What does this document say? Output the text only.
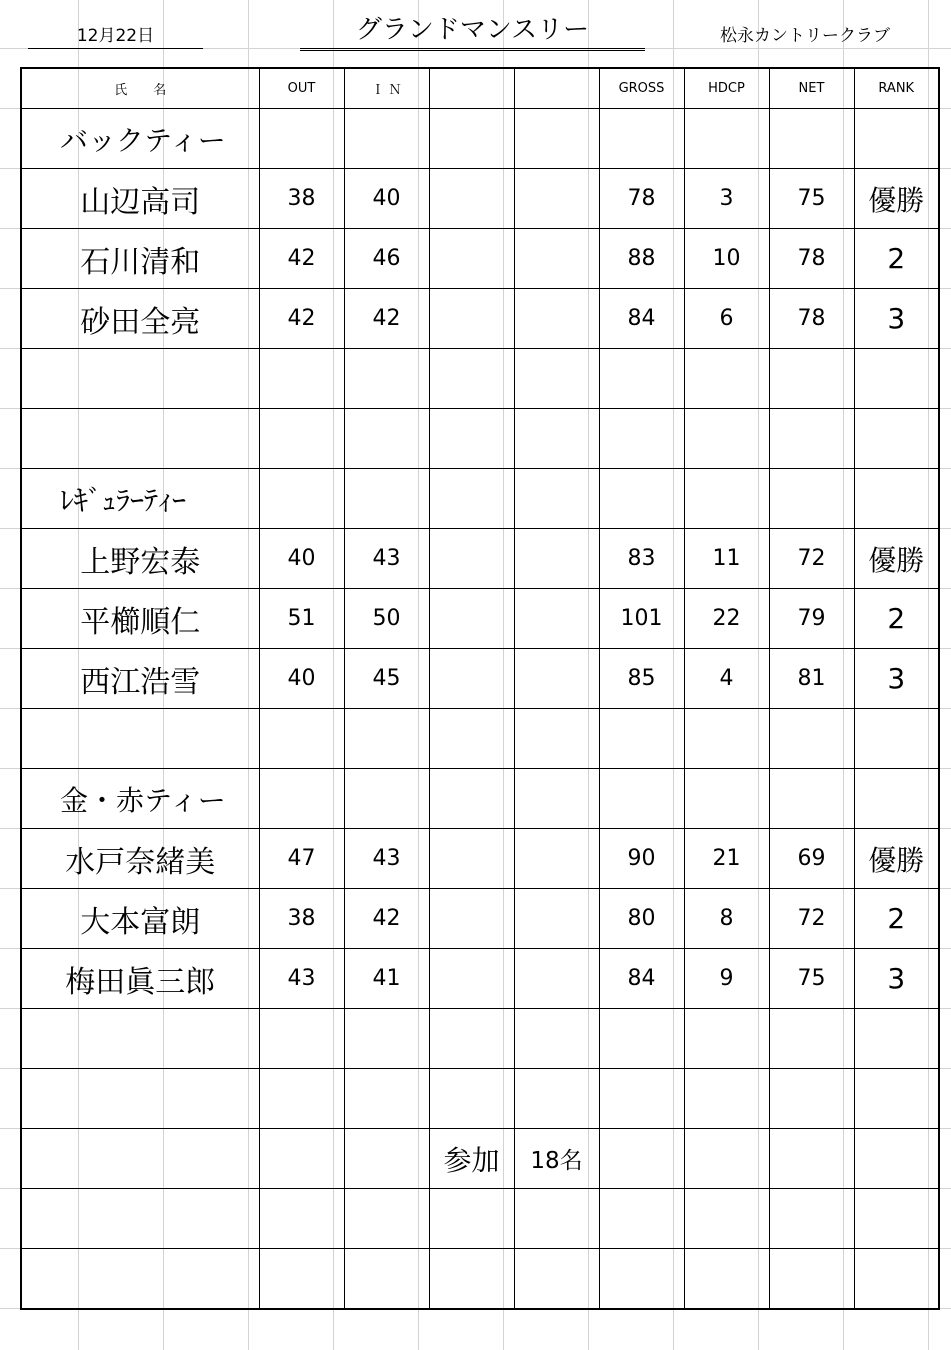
12月22日	グランドマンスリー	松永カントリークラブ
氏　　名	OUT	Ｉ Ｎ			GROSS	HDCP	NET	RANK
バックティー								
山辺高司	38	40			78	3	75	優勝
石川清和	42	46			88	10	78	2
砂田全亮	42	42			84	6	78	3

ﾚｷﾞｭﾗｰﾃｨｰ								
上野宏泰	40	43			83	11	72	優勝
平櫛順仁	51	50			101	22	79	2
西江浩雪	40	45			85	4	81	3

金・赤ティー								
水戸奈緒美	47	43			90	21	69	優勝
大本富朗	38	42			80	8	72	2
梅田眞三郎	43	41			84	9	75	3

			参加	18名				
